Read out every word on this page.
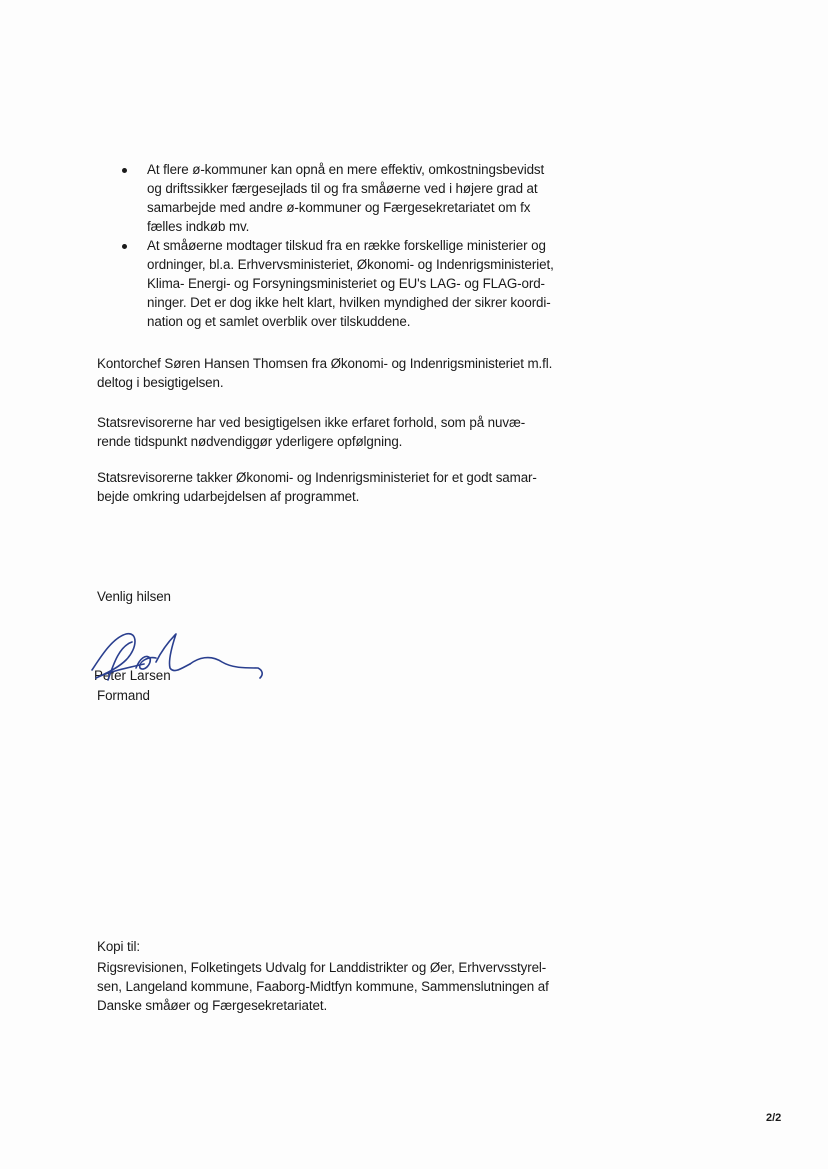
At flere ø-kommuner kan opnå en mere effektiv, omkostningsbevidst
og driftssikker færgesejlads til og fra småøerne ved i højere grad at
samarbejde med andre ø-kommuner og Færgesekretariatet om fx
fælles indkøb mv.
At småøerne modtager tilskud fra en række forskellige ministerier og
ordninger, bl.a. Erhvervsministeriet, Økonomi- og Indenrigsministeriet,
Klima- Energi- og Forsyningsministeriet og EU's LAG- og FLAG-ord-
ninger. Det er dog ikke helt klart, hvilken myndighed der sikrer koordi-
nation og et samlet overblik over tilskuddene.
Kontorchef Søren Hansen Thomsen fra Økonomi- og Indenrigsministeriet m.fl.
deltog i besigtigelsen.
Statsrevisorerne har ved besigtigelsen ikke erfaret forhold, som på nuvæ-
rende tidspunkt nødvendiggør yderligere opfølgning.
Statsrevisorerne takker Økonomi- og Indenrigsministeriet for et godt samar-
bejde omkring udarbejdelsen af programmet.
Venlig hilsen
Peter Larsen
Formand
Kopi til:
Rigsrevisionen, Folketingets Udvalg for Landdistrikter og Øer, Erhvervsstyrel-
sen, Langeland kommune, Faaborg-Midtfyn kommune, Sammenslutningen af
Danske småøer og Færgesekretariatet.
2/2
